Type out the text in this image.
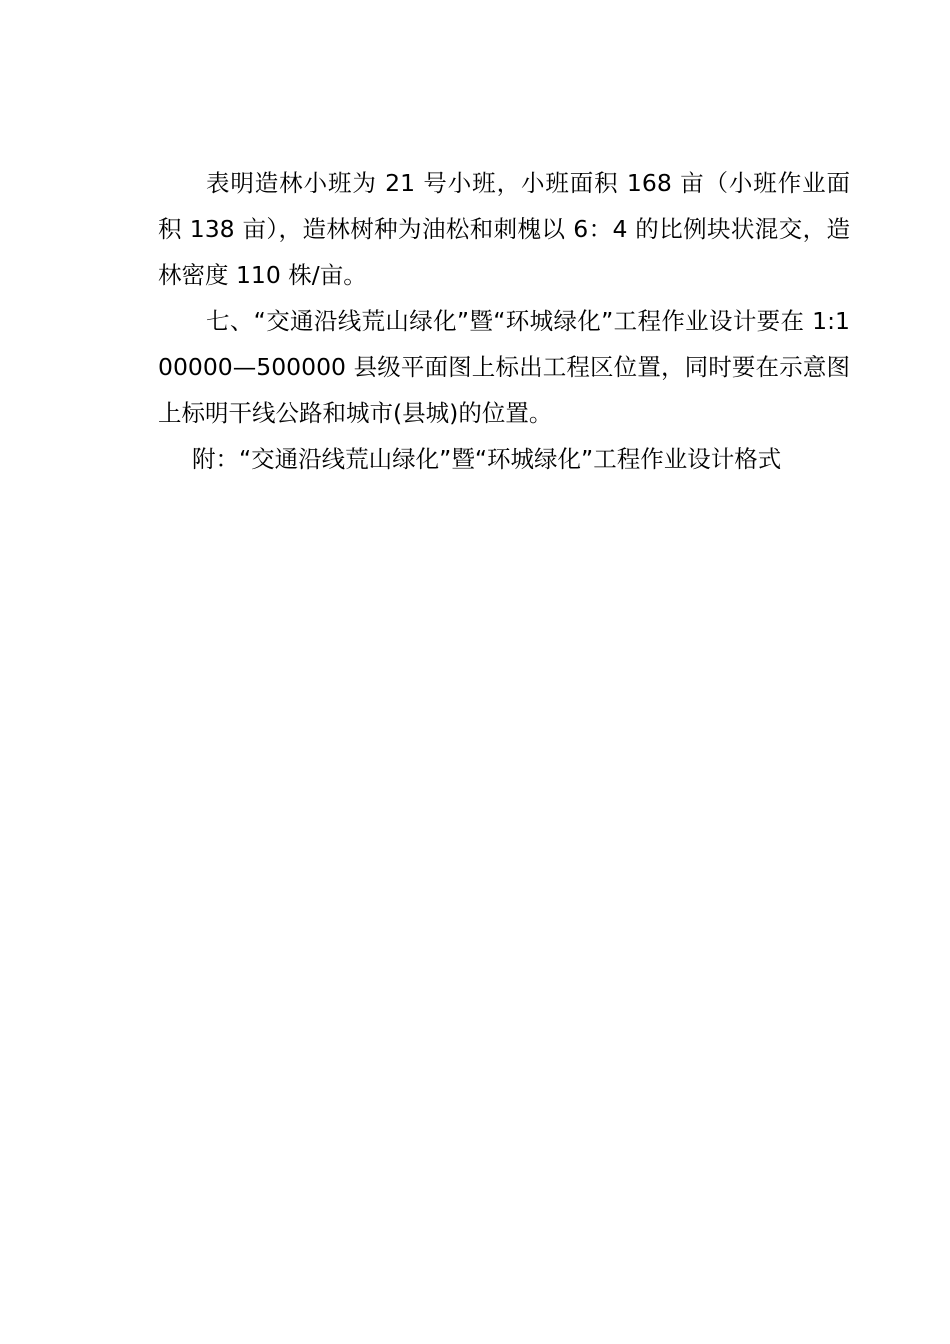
表明造林小班为 21 号小班，小班面积 168 亩（小班作业面积 138 亩），造林树种为油松和刺槐以 6：4 的比例块状混交，造林密度 110 株/亩。

七、“交通沿线荒山绿化”暨“环城绿化”工程作业设计要在 1:100000—500000 县级平面图上标出工程区位置，同时要在示意图上标明干线公路和城市(县城)的位置。

附：“交通沿线荒山绿化”暨“环城绿化”工程作业设计格式
